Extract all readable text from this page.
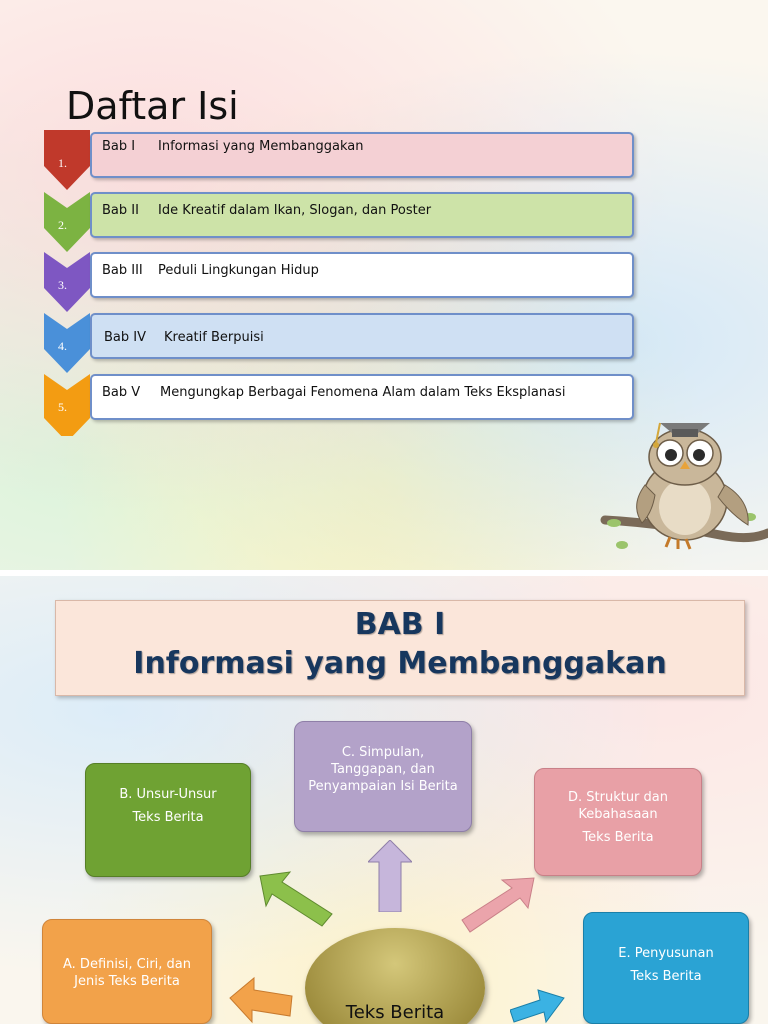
Daftar Isi
1.
Bab I Informasi yang Membanggakan
2.
Bab II Ide Kreatif dalam Ikan, Slogan, dan Poster
3.
Bab III Peduli Lingkungan Hidup
4.
Bab IV Kreatif Berpuisi
5.
Bab V Mengungkap Berbagai Fenomena Alam dalam Teks Eksplanasi
BAB I
Informasi yang Membanggakan
C. Simpulan,
Tanggapan, dan
Penyampaian Isi Berita
B. Unsur-Unsur
Teks Berita
D. Struktur dan
Kebahasaan
Teks Berita
A. Definisi, Ciri, dan
Jenis Teks Berita
E. Penyusunan
Teks Berita
Teks Berita
